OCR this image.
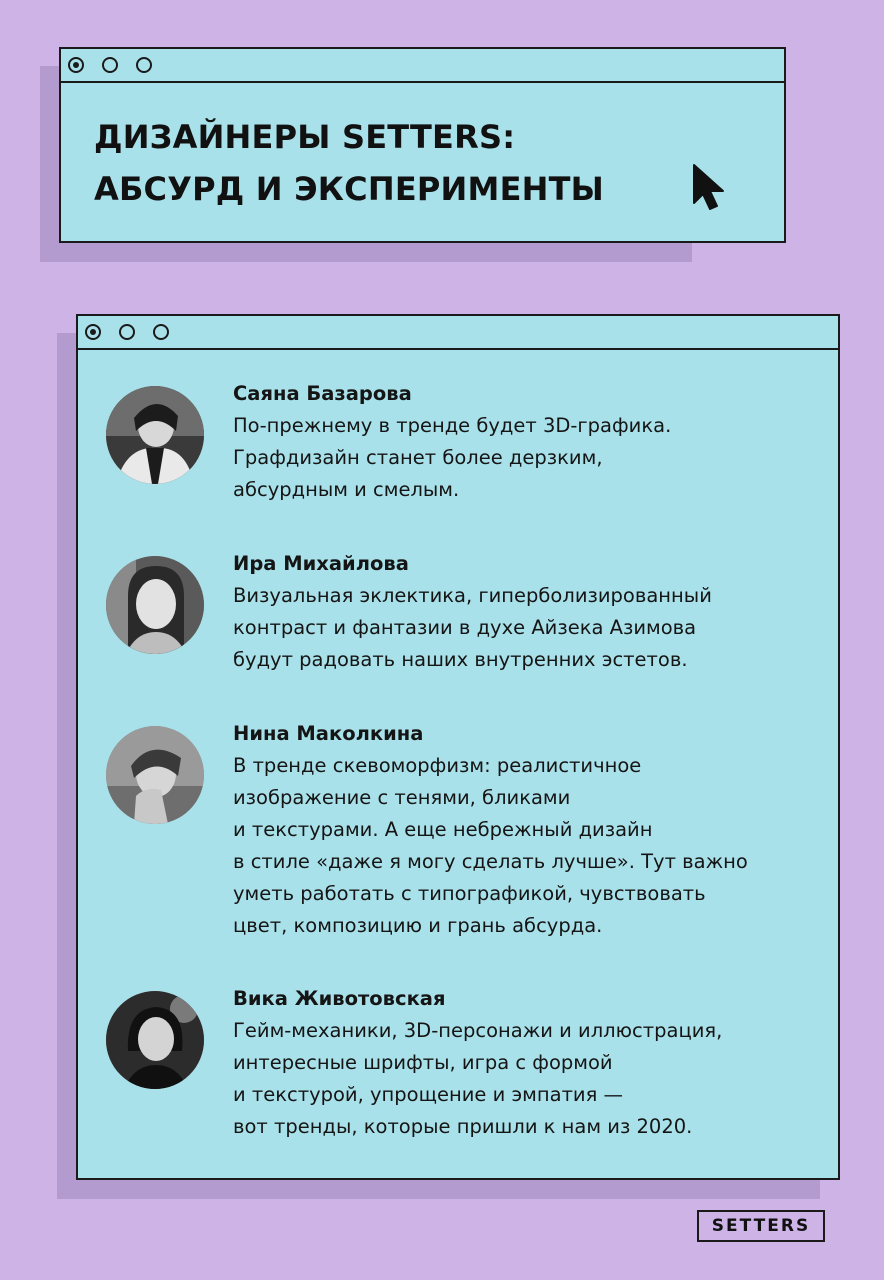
ДИЗАЙНЕРЫ SETTERS:
АБСУРД И ЭКСПЕРИМЕНТЫ
Саяна Базарова
По-прежнему в тренде будет 3D-графика.
Графдизайн станет более дерзким,
абсурдным и смелым.
Ира Михайлова
Визуальная эклектика, гиперболизированный
контраст и фантазии в духе Айзека Азимова
будут радовать наших внутренних эстетов.
Нина Маколкина
В тренде скевоморфизм: реалистичное
изображение с тенями, бликами
и текстурами. А еще небрежный дизайн
в стиле «даже я могу сделать лучше». Тут важно
уметь работать с типографикой, чувствовать
цвет, композицию и грань абсурда.
Вика Животовская
Гейм-механики, 3D-персонажи и иллюстрация,
интересные шрифты, игра с формой
и текстурой, упрощение и эмпатия —
вот тренды, которые пришли к нам из 2020.
SETTERS
